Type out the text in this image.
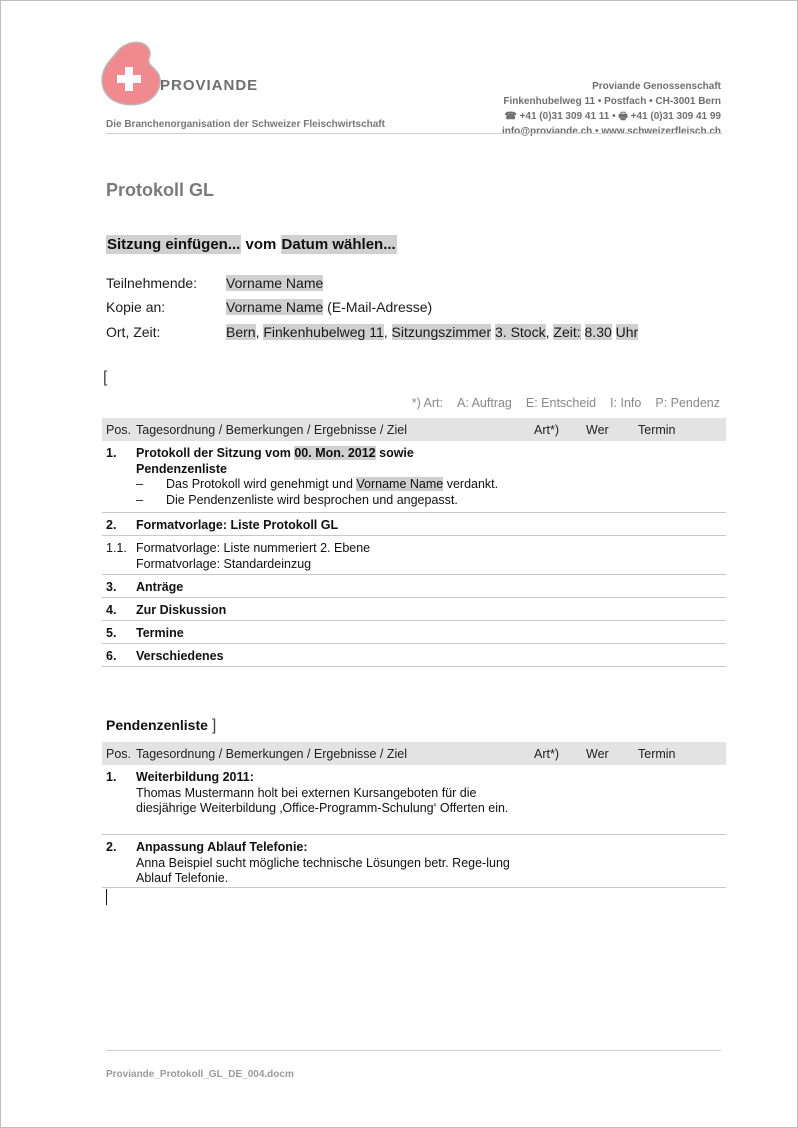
PROVIANDE	Proviande Genossenschaft
Finkenhubelweg 11 • Postfach • CH-3001 Bern
☎ +41 (0)31 309 41 11 • 🖶 +41 (0)31 309 41 99
info@proviande.ch • www.schweizerfleisch.ch
Die Branchenorganisation der Schweizer Fleischwirtschaft
Protokoll GL
Sitzung einfügen... vom Datum wählen...
Teilnehmende: Vorname Name
Kopie an:	Vorname Name (E-Mail-Adresse)
Ort, Zeit:	Bern, Finkenhubelweg 11, Sitzungszimmer 3. Stock, Zeit: 8.30 Uhr
[
*) Art: A: Auftrag E: Entscheid I: Info P: Pendenz
Pos. Tagesordnung / Bemerkungen / Ergebnisse / Ziel	Art*) Wer Termin
1. Protokoll der Sitzung vom 00. Mon. 2012 sowie
Pendenzenliste
– Das Protokoll wird genehmigt und Vorname Name verdankt.
– Die Pendenzenliste wird besprochen und angepasst.
2. Formatvorlage: Liste Protokoll GL
1.1. Formatvorlage: Liste nummeriert 2. Ebene
Formatvorlage: Standardeinzug
3. Anträge
4. Zur Diskussion
5. Termine
6. Verschiedenes
Pendenzenliste ]
Pos. Tagesordnung / Bemerkungen / Ergebnisse / Ziel	Art*) Wer Termin
1. Weiterbildung 2011:
Thomas Mustermann holt bei externen Kursangeboten für die diesjährige Weiterbildung ‚Office-Programm-Schulung‘ Offerten ein.
2. Anpassung Ablauf Telefonie:
Anna Beispiel sucht mögliche technische Lösungen betr. Rege-lung Ablauf Telefonie.
Proviande_Protokoll_GL_DE_004.docm
